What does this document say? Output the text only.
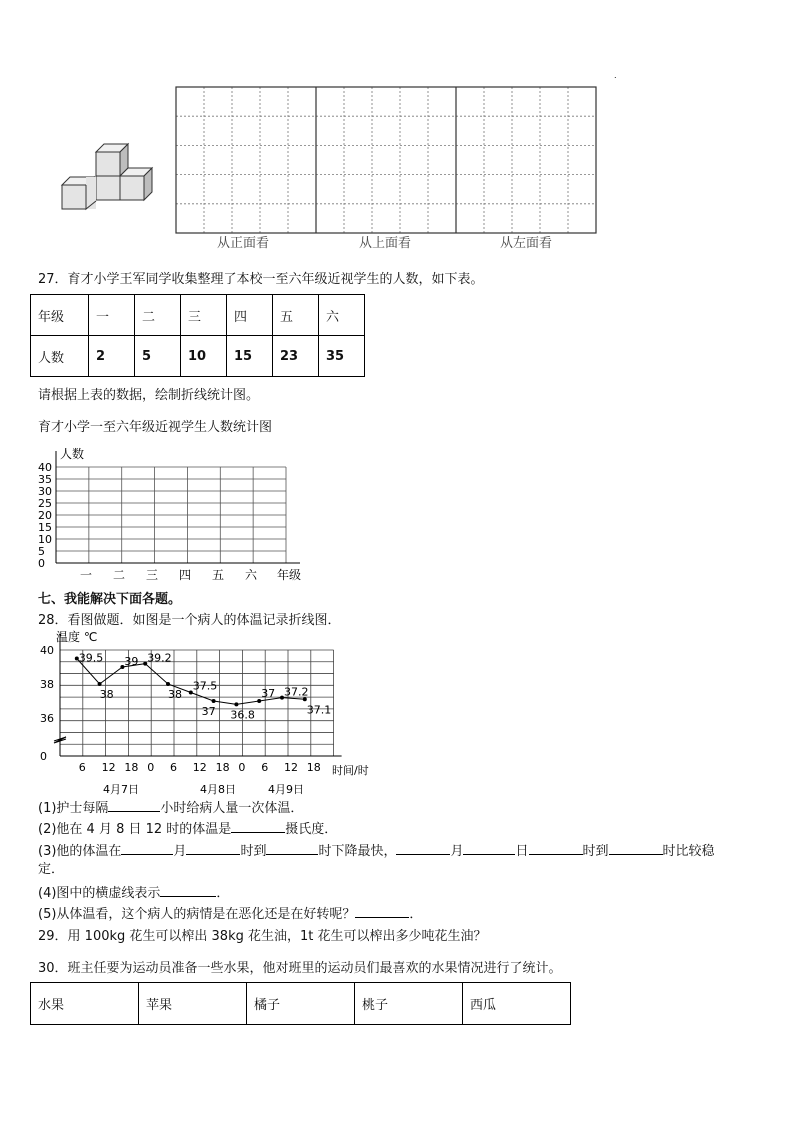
.
从正面看	从上面看	从左面看
27．育才小学王军同学收集整理了本校一至六年级近视学生的人数，如下表。
年级	一	二	三	四	五	六
人数	2	5	10	15	23	35
请根据上表的数据，绘制折线统计图。
育才小学一至六年级近视学生人数统计图
人数
40
35
30
25
20
15
10
5
0
一 二 三 四 五 六 年级
七、我能解决下面各题。
28．看图做题．如图是一个病人的体温记录折线图．
温度 ℃
40
38
36
0
6 12 18 0 6 12 18 0 6 12 18
39.5
38
39 39.2
38
37.5
37 36.8
37 37.2
37.1
时间/时
4月7日	4月8日	4月9日
(1)护士每隔	小时给病人量一次体温．
(2)他在 4 月 8 日 12 时的体温是	摄氏度．
(3)他的体温在	月	时到	时下降最快，	月	日	时到	时比较稳
定．
(4)图中的横虚线表示	．
(5)从体温看，这个病人的病情是在恶化还是在好转呢？	．
29．用 100kg 花生可以榨出 38kg 花生油，1t 花生可以榨出多少吨花生油？
30．班主任要为运动员准备一些水果，他对班里的运动员们最喜欢的水果情况进行了统计。
水果	苹果	橘子	桃子	西瓜
